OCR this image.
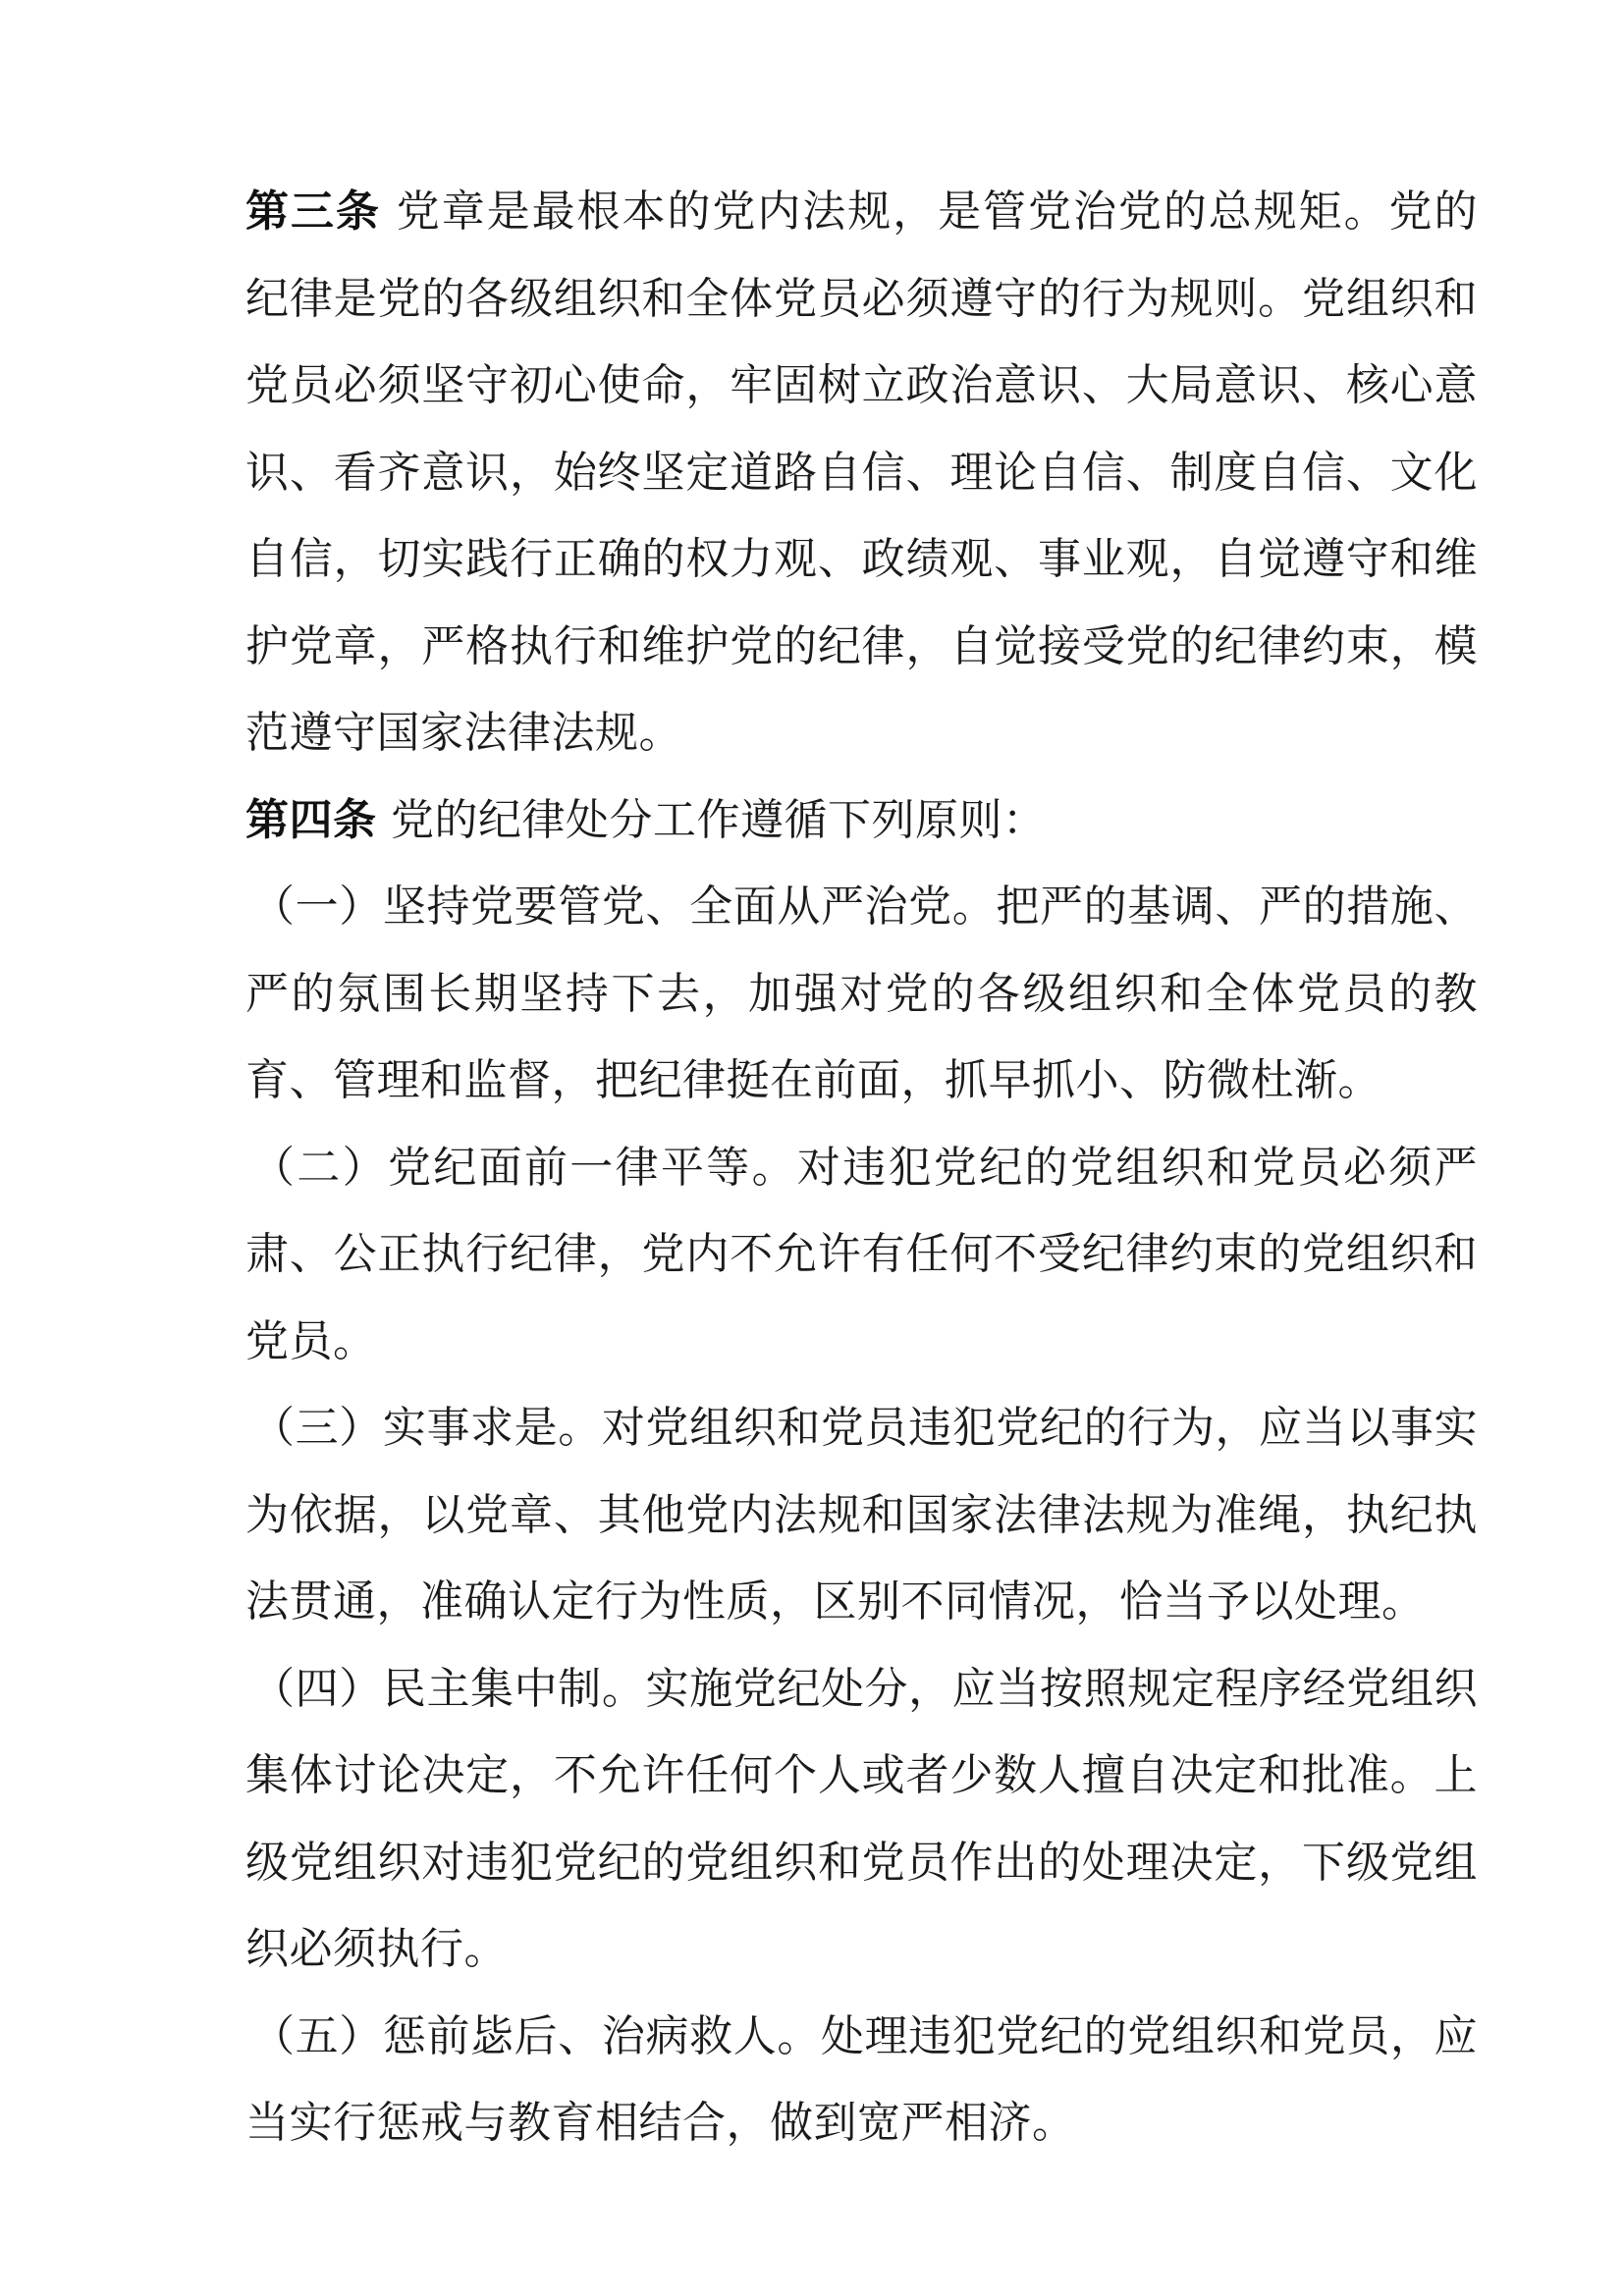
第三条 党章是最根本的党内法规，是管党治党的总规矩。党的纪律是党的各级组织和全体党员必须遵守的行为规则。党组织和党员必须坚守初心使命，牢固树立政治意识、大局意识、核心意识、看齐意识，始终坚定道路自信、理论自信、制度自信、文化自信，切实践行正确的权力观、政绩观、事业观，自觉遵守和维护党章，严格执行和维护党的纪律，自觉接受党的纪律约束，模范遵守国家法律法规。

第四条 党的纪律处分工作遵循下列原则：

（一）坚持党要管党、全面从严治党。把严的基调、严的措施、严的氛围长期坚持下去，加强对党的各级组织和全体党员的教育、管理和监督，把纪律挺在前面，抓早抓小、防微杜渐。

（二）党纪面前一律平等。对违犯党纪的党组织和党员必须严肃、公正执行纪律，党内不允许有任何不受纪律约束的党组织和党员。

（三）实事求是。对党组织和党员违犯党纪的行为，应当以事实为依据，以党章、其他党内法规和国家法律法规为准绳，执纪执法贯通，准确认定行为性质，区别不同情况，恰当予以处理。

（四）民主集中制。实施党纪处分，应当按照规定程序经党组织集体讨论决定，不允许任何个人或者少数人擅自决定和批准。上级党组织对违犯党纪的党组织和党员作出的处理决定，下级党组织必须执行。

（五）惩前毖后、治病救人。处理违犯党纪的党组织和党员，应当实行惩戒与教育相结合，做到宽严相济。
